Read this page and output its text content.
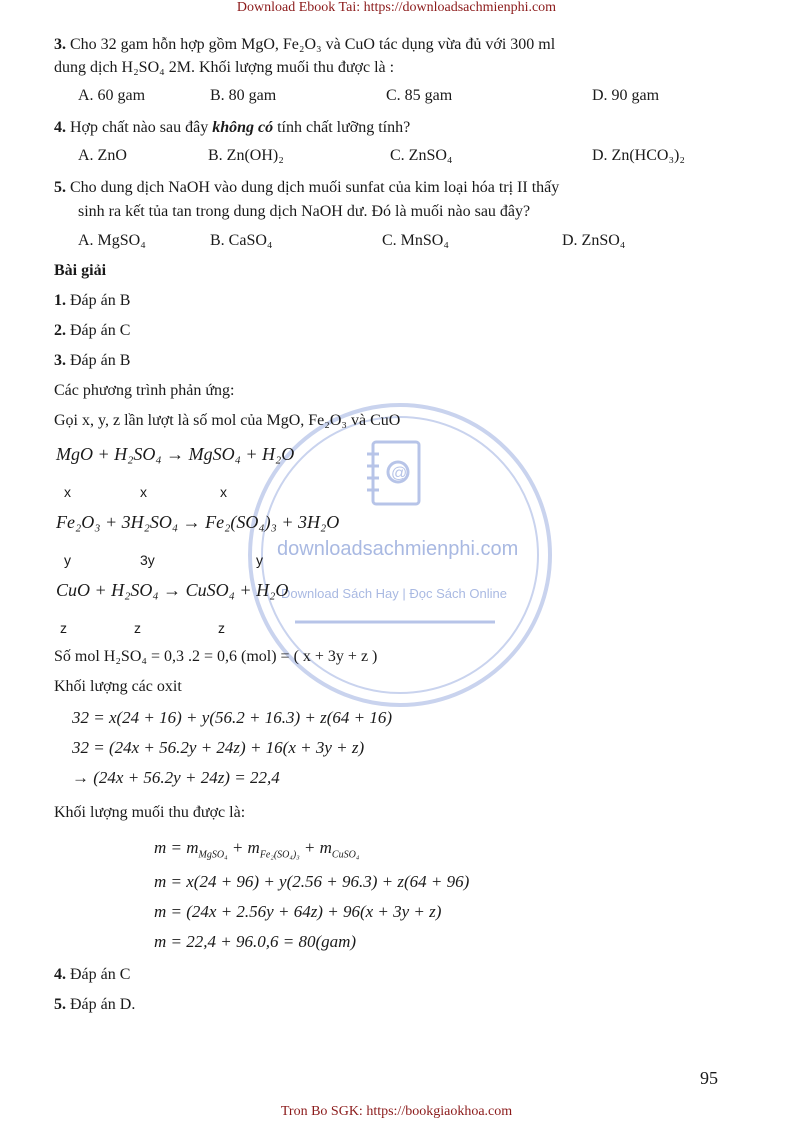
Download Ebook Tai: https://downloadsachmienphi.com
@
downloadsachmienphi.com
Download Sách Hay | Đọc Sách Online
3. Cho 32 gam hỗn hợp gồm MgO, Fe₂O₃ và CuO tác dụng vừa đủ với 300 ml
dung dịch H₂SO₄ 2M. Khối lượng muối thu được là :
A. 60 gam	B. 80 gam	C. 85 gam	D. 90 gam
4. Hợp chất nào sau đây không có tính chất lưỡng tính?
A. ZnO	B. Zn(OH)₂	C. ZnSO₄	D. Zn(HCO₃)₂
5. Cho dung dịch NaOH vào dung dịch muối sunfat của kim loại hóa trị II thấy
sinh ra kết tủa tan trong dung dịch NaOH dư. Đó là muối nào sau đây?
A. MgSO₄	B. CaSO₄	C. MnSO₄	D. ZnSO₄
Bài giải
1. Đáp án B
2. Đáp án C
3. Đáp án B
Các phương trình phản ứng:
Gọi x, y, z lần lượt là số mol của MgO, Fe₂O₃ và CuO
MgO + H₂SO₄ → MgSO₄ + H₂O
x	x	x
Fe₂O₃ + 3H₂SO₄ → Fe₂(SO₄)₃ + 3H₂O
y	3y	y
CuO + H₂SO₄ → CuSO₄ + H₂O
z	z	z
Số mol H₂SO₄ = 0,3 .2 = 0,6 (mol) = ( x + 3y + z )
Khối lượng các oxit
32 = x(24 + 16) + y(56.2 + 16.3) + z(64 + 16)
32 = (24x + 56.2y + 24z) + 16(x + 3y + z)
→ (24x + 56.2y + 24z) = 22,4
Khối lượng muối thu được là:
$m = m_{MgSO_4} + m_{Fe_2(SO_4)_3} + m_{CuSO_4}$
m = x(24 + 96) + y(2.56 + 96.3) + z(64 + 96)
m = (24x + 2.56y + 64z) + 96(x + 3y + z)
m = 22,4 + 96.0,6 = 80(gam)
4. Đáp án C
5. Đáp án D.
95
Tron Bo SGK: https://bookgiaokhoa.com
